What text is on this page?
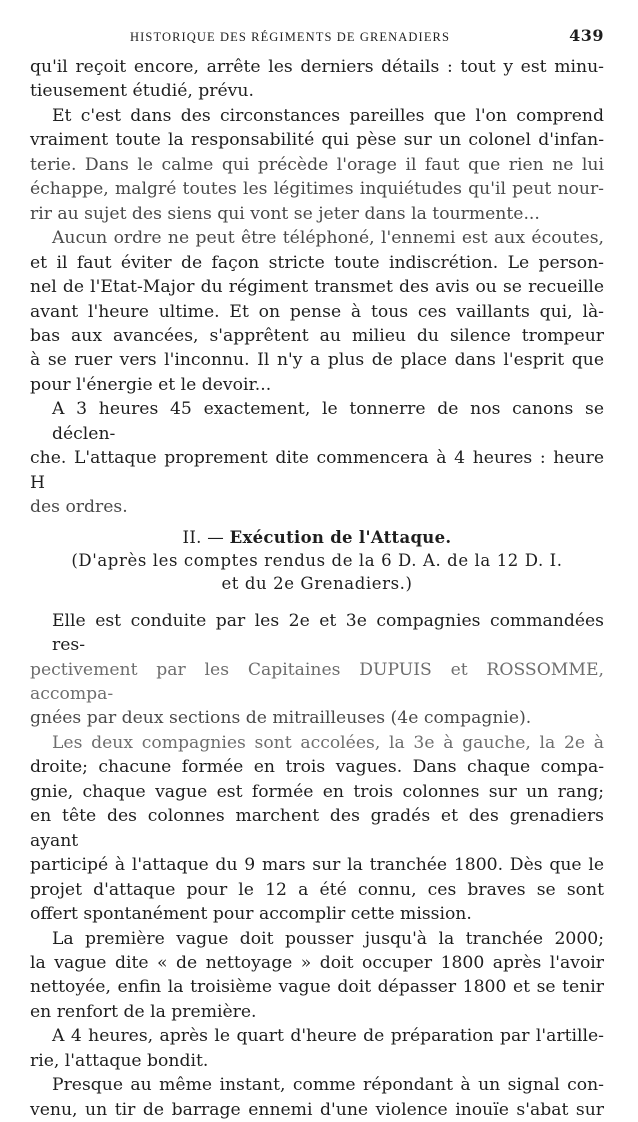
HISTORIQUE DES RÉGIMENTS DE GRENADIERS	439

qu'il reçoit encore, arrête les derniers détails : tout y est minu-
tieusement étudié, prévu.

Et c'est dans des circonstances pareilles que l'on comprend
vraiment toute la responsabilité qui pèse sur un colonel d'infan-
terie. Dans le calme qui précède l'orage il faut que rien ne lui
échappe, malgré toutes les légitimes inquiétudes qu'il peut nour-
rir au sujet des siens qui vont se jeter dans la tourmente...

Aucun ordre ne peut être téléphoné, l'ennemi est aux écoutes,
et il faut éviter de façon stricte toute indiscrétion. Le person-
nel de l'Etat-Major du régiment transmet des avis ou se recueille
avant l'heure ultime. Et on pense à tous ces vaillants qui, là-
bas aux avancées, s'apprêtent au milieu du silence trompeur
à se ruer vers l'inconnu. Il n'y a plus de place dans l'esprit que
pour l'énergie et le devoir...

A 3 heures 45 exactement, le tonnerre de nos canons se déclen-
che. L'attaque proprement dite commencera à 4 heures : heure H
des ordres.

II. — Exécution de l'Attaque.
(D'après les comptes rendus de la 6 D. A. de la 12 D. I.
et du 2e Grenadiers.)

Elle est conduite par les 2e et 3e compagnies commandées res-
pectivement par les Capitaines DUPUIS et ROSSOMME, accompa-
gnées par deux sections de mitrailleuses (4e compagnie).

Les deux compagnies sont accolées, la 3e à gauche, la 2e à
droite; chacune formée en trois vagues. Dans chaque compa-
gnie, chaque vague est formée en trois colonnes sur un rang;
en tête des colonnes marchent des gradés et des grenadiers ayant
participé à l'attaque du 9 mars sur la tranchée 1800. Dès que le
projet d'attaque pour le 12 a été connu, ces braves se sont
offert spontanément pour accomplir cette mission.

La première vague doit pousser jusqu'à la tranchée 2000;
la vague dite « de nettoyage » doit occuper 1800 après l'avoir
nettoyée, enfin la troisième vague doit dépasser 1800 et se tenir
en renfort de la première.

A 4 heures, après le quart d'heure de préparation par l'artille-
rie, l'attaque bondit.

Presque au même instant, comme répondant à un signal con-
venu, un tir de barrage ennemi d'une violence inouïe s'abat sur
